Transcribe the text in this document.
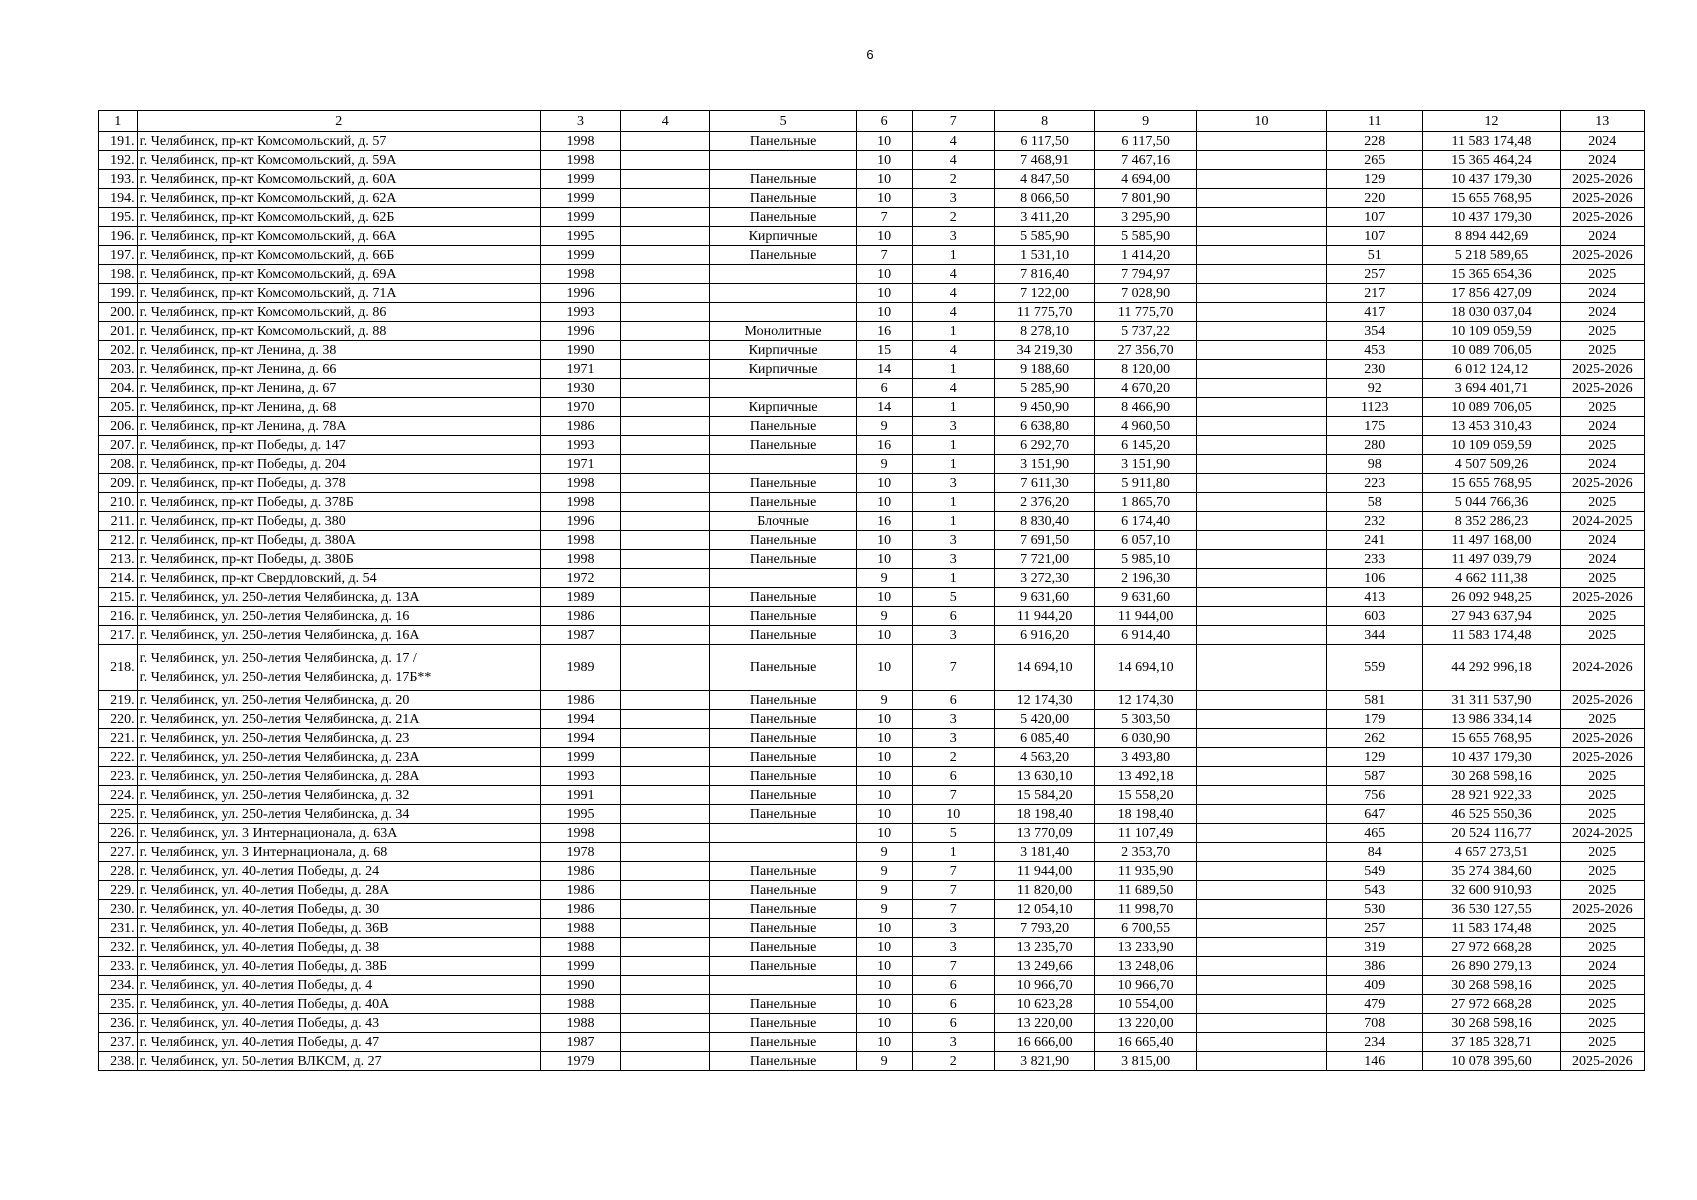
6
1	2	3	4	5	6	7	8	9	10	11	12	13
191.	г. Челябинск, пр-кт Комсомольский, д. 57	1998		Панельные	10	4	6 117,50	6 117,50		228	11 583 174,48	2024
192.	г. Челябинск, пр-кт Комсомольский, д. 59А	1998			10	4	7 468,91	7 467,16		265	15 365 464,24	2024
193.	г. Челябинск, пр-кт Комсомольский, д. 60А	1999		Панельные	10	2	4 847,50	4 694,00		129	10 437 179,30	2025-2026
194.	г. Челябинск, пр-кт Комсомольский, д. 62А	1999		Панельные	10	3	8 066,50	7 801,90		220	15 655 768,95	2025-2026
195.	г. Челябинск, пр-кт Комсомольский, д. 62Б	1999		Панельные	7	2	3 411,20	3 295,90		107	10 437 179,30	2025-2026
196.	г. Челябинск, пр-кт Комсомольский, д. 66А	1995		Кирпичные	10	3	5 585,90	5 585,90		107	8 894 442,69	2024
197.	г. Челябинск, пр-кт Комсомольский, д. 66Б	1999		Панельные	7	1	1 531,10	1 414,20		51	5 218 589,65	2025-2026
198.	г. Челябинск, пр-кт Комсомольский, д. 69А	1998			10	4	7 816,40	7 794,97		257	15 365 654,36	2025
199.	г. Челябинск, пр-кт Комсомольский, д. 71А	1996			10	4	7 122,00	7 028,90		217	17 856 427,09	2024
200.	г. Челябинск, пр-кт Комсомольский, д. 86	1993			10	4	11 775,70	11 775,70		417	18 030 037,04	2024
201.	г. Челябинск, пр-кт Комсомольский, д. 88	1996		Монолитные	16	1	8 278,10	5 737,22		354	10 109 059,59	2025
202.	г. Челябинск, пр-кт Ленина, д. 38	1990		Кирпичные	15	4	34 219,30	27 356,70		453	10 089 706,05	2025
203.	г. Челябинск, пр-кт Ленина, д. 66	1971		Кирпичные	14	1	9 188,60	8 120,00		230	6 012 124,12	2025-2026
204.	г. Челябинск, пр-кт Ленина, д. 67	1930			6	4	5 285,90	4 670,20		92	3 694 401,71	2025-2026
205.	г. Челябинск, пр-кт Ленина, д. 68	1970		Кирпичные	14	1	9 450,90	8 466,90		1123	10 089 706,05	2025
206.	г. Челябинск, пр-кт Ленина, д. 78А	1986		Панельные	9	3	6 638,80	4 960,50		175	13 453 310,43	2024
207.	г. Челябинск, пр-кт Победы, д. 147	1993		Панельные	16	1	6 292,70	6 145,20		280	10 109 059,59	2025
208.	г. Челябинск, пр-кт Победы, д. 204	1971			9	1	3 151,90	3 151,90		98	4 507 509,26	2024
209.	г. Челябинск, пр-кт Победы, д. 378	1998		Панельные	10	3	7 611,30	5 911,80		223	15 655 768,95	2025-2026
210.	г. Челябинск, пр-кт Победы, д. 378Б	1998		Панельные	10	1	2 376,20	1 865,70		58	5 044 766,36	2025
211.	г. Челябинск, пр-кт Победы, д. 380	1996		Блочные	16	1	8 830,40	6 174,40		232	8 352 286,23	2024-2025
212.	г. Челябинск, пр-кт Победы, д. 380А	1998		Панельные	10	3	7 691,50	6 057,10		241	11 497 168,00	2024
213.	г. Челябинск, пр-кт Победы, д. 380Б	1998		Панельные	10	3	7 721,00	5 985,10		233	11 497 039,79	2024
214.	г. Челябинск, пр-кт Свердловский, д. 54	1972			9	1	3 272,30	2 196,30		106	4 662 111,38	2025
215.	г. Челябинск, ул. 250-летия Челябинска, д. 13А	1989		Панельные	10	5	9 631,60	9 631,60		413	26 092 948,25	2025-2026
216.	г. Челябинск, ул. 250-летия Челябинска, д. 16	1986		Панельные	9	6	11 944,20	11 944,00		603	27 943 637,94	2025
217.	г. Челябинск, ул. 250-летия Челябинска, д. 16А	1987		Панельные	10	3	6 916,20	6 914,40		344	11 583 174,48	2025
218.	г. Челябинск, ул. 250-летия Челябинска, д. 17 /
г. Челябинск, ул. 250-летия Челябинска, д. 17Б**	1989		Панельные	10	7	14 694,10	14 694,10		559	44 292 996,18	2024-2026
219.	г. Челябинск, ул. 250-летия Челябинска, д. 20	1986		Панельные	9	6	12 174,30	12 174,30		581	31 311 537,90	2025-2026
220.	г. Челябинск, ул. 250-летия Челябинска, д. 21А	1994		Панельные	10	3	5 420,00	5 303,50		179	13 986 334,14	2025
221.	г. Челябинск, ул. 250-летия Челябинска, д. 23	1994		Панельные	10	3	6 085,40	6 030,90		262	15 655 768,95	2025-2026
222.	г. Челябинск, ул. 250-летия Челябинска, д. 23А	1999		Панельные	10	2	4 563,20	3 493,80		129	10 437 179,30	2025-2026
223.	г. Челябинск, ул. 250-летия Челябинска, д. 28А	1993		Панельные	10	6	13 630,10	13 492,18		587	30 268 598,16	2025
224.	г. Челябинск, ул. 250-летия Челябинска, д. 32	1991		Панельные	10	7	15 584,20	15 558,20		756	28 921 922,33	2025
225.	г. Челябинск, ул. 250-летия Челябинска, д. 34	1995		Панельные	10	10	18 198,40	18 198,40		647	46 525 550,36	2025
226.	г. Челябинск, ул. 3 Интернационала, д. 63А	1998			10	5	13 770,09	11 107,49		465	20 524 116,77	2024-2025
227.	г. Челябинск, ул. 3 Интернационала, д. 68	1978			9	1	3 181,40	2 353,70		84	4 657 273,51	2025
228.	г. Челябинск, ул. 40-летия Победы, д. 24	1986		Панельные	9	7	11 944,00	11 935,90		549	35 274 384,60	2025
229.	г. Челябинск, ул. 40-летия Победы, д. 28А	1986		Панельные	9	7	11 820,00	11 689,50		543	32 600 910,93	2025
230.	г. Челябинск, ул. 40-летия Победы, д. 30	1986		Панельные	9	7	12 054,10	11 998,70		530	36 530 127,55	2025-2026
231.	г. Челябинск, ул. 40-летия Победы, д. 36В	1988		Панельные	10	3	7 793,20	6 700,55		257	11 583 174,48	2025
232.	г. Челябинск, ул. 40-летия Победы, д. 38	1988		Панельные	10	3	13 235,70	13 233,90		319	27 972 668,28	2025
233.	г. Челябинск, ул. 40-летия Победы, д. 38Б	1999		Панельные	10	7	13 249,66	13 248,06		386	26 890 279,13	2024
234.	г. Челябинск, ул. 40-летия Победы, д. 4	1990			10	6	10 966,70	10 966,70		409	30 268 598,16	2025
235.	г. Челябинск, ул. 40-летия Победы, д. 40А	1988		Панельные	10	6	10 623,28	10 554,00		479	27 972 668,28	2025
236.	г. Челябинск, ул. 40-летия Победы, д. 43	1988		Панельные	10	6	13 220,00	13 220,00		708	30 268 598,16	2025
237.	г. Челябинск, ул. 40-летия Победы, д. 47	1987		Панельные	10	3	16 666,00	16 665,40		234	37 185 328,71	2025
238.	г. Челябинск, ул. 50-летия ВЛКСМ, д. 27	1979		Панельные	9	2	3 821,90	3 815,00		146	10 078 395,60	2025-2026
